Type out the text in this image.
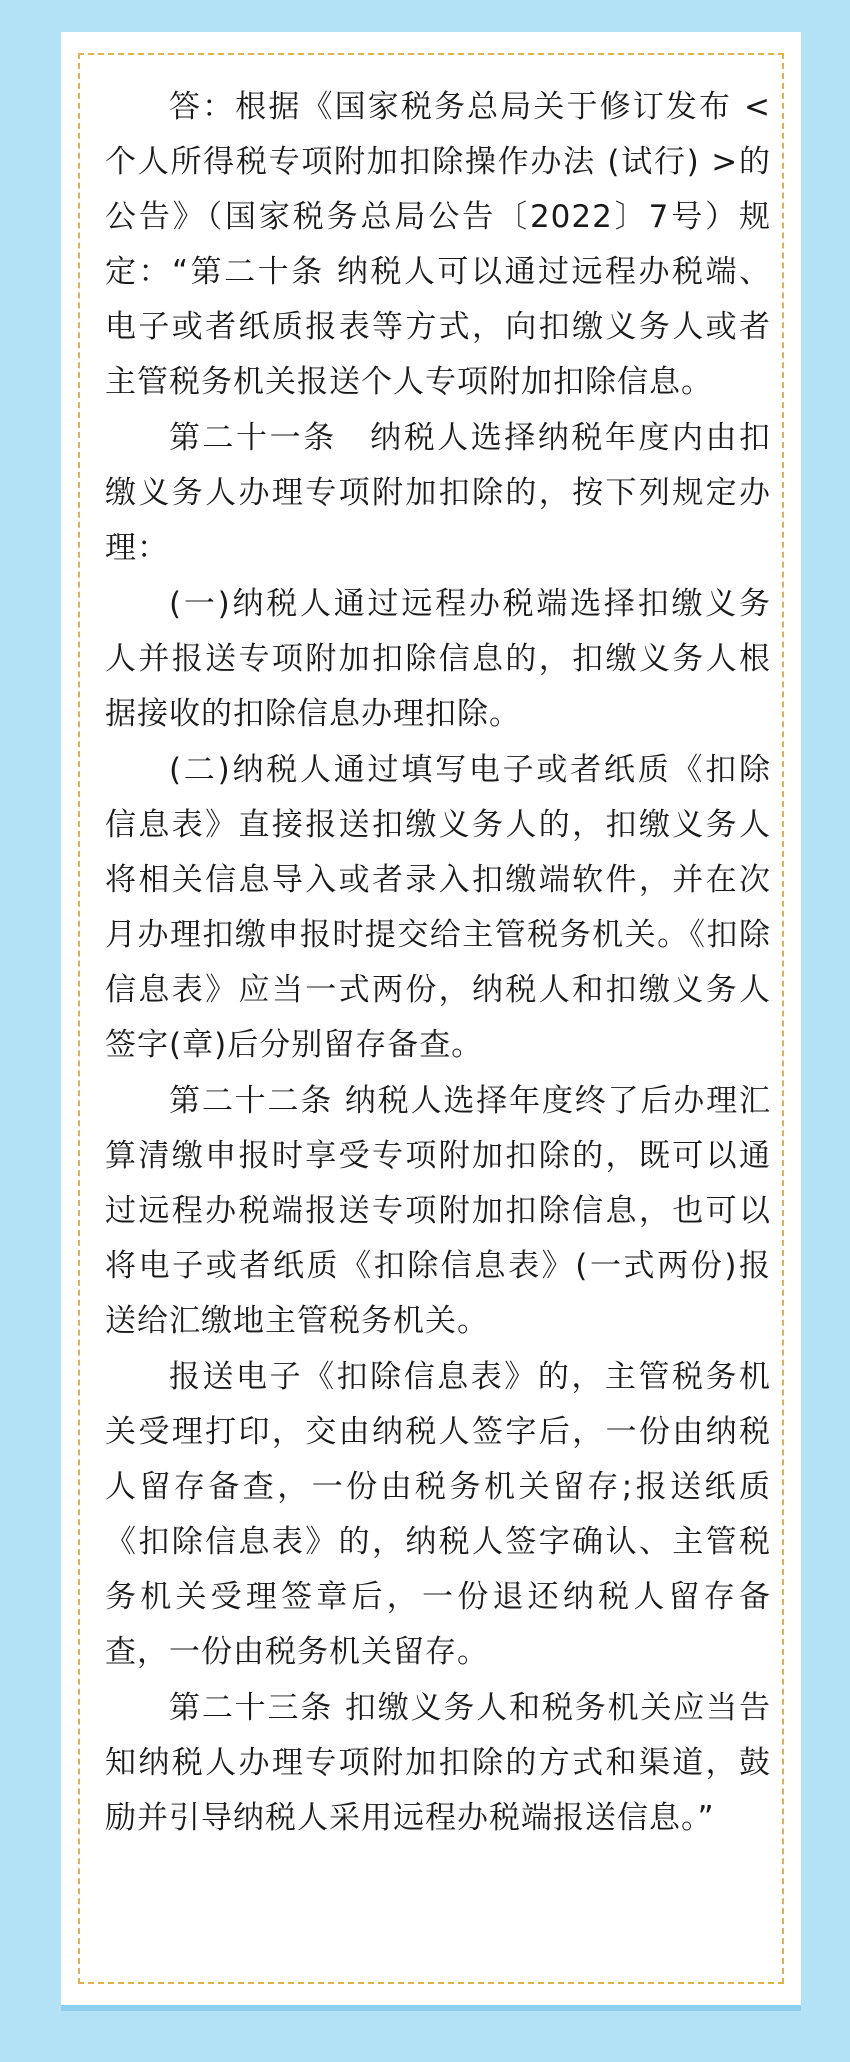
答：根据《国家税务总局关于修订发布 <个人所得税专项附加扣除操作办法 (试行) >的公告》（国家税务总局公告〔2022〕7号）规定：“第二十条 纳税人可以通过远程办税端、电子或者纸质报表等方式，向扣缴义务人或者主管税务机关报送个人专项附加扣除信息。

第二十一条　纳税人选择纳税年度内由扣缴义务人办理专项附加扣除的，按下列规定办理：

(一)纳税人通过远程办税端选择扣缴义务人并报送专项附加扣除信息的，扣缴义务人根据接收的扣除信息办理扣除。

(二)纳税人通过填写电子或者纸质《扣除信息表》直接报送扣缴义务人的，扣缴义务人将相关信息导入或者录入扣缴端软件，并在次月办理扣缴申报时提交给主管税务机关。《扣除信息表》应当一式两份，纳税人和扣缴义务人签字(章)后分别留存备查。

第二十二条 纳税人选择年度终了后办理汇算清缴申报时享受专项附加扣除的，既可以通过远程办税端报送专项附加扣除信息，也可以将电子或者纸质《扣除信息表》(一式两份)报送给汇缴地主管税务机关。

报送电子《扣除信息表》的，主管税务机关受理打印，交由纳税人签字后，一份由纳税人留存备查，一份由税务机关留存;报送纸质《扣除信息表》的，纳税人签字确认、主管税务机关受理签章后，一份退还纳税人留存备查，一份由税务机关留存。

第二十三条 扣缴义务人和税务机关应当告知纳税人办理专项附加扣除的方式和渠道，鼓励并引导纳税人采用远程办税端报送信息。”
